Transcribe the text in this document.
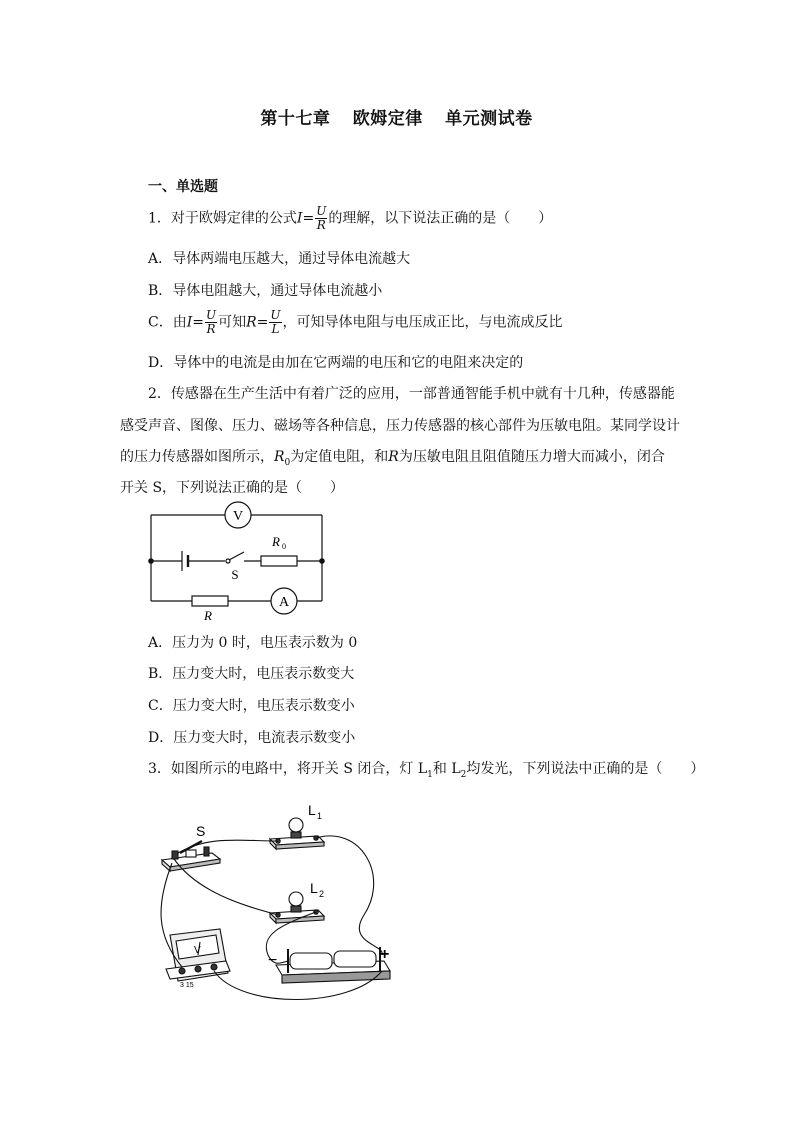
第十七章 欧姆定律 单元测试卷
一、单选题
1．对于欧姆定律的公式$I= \frac{U}{R}$ 的理解，以下说法正确的是（　　）
A．导体两端电压越大，通过导体电流越大
B．导体电阻越大，通过导体电流越小
C．由$I= \frac{U}{R}$ 可知$R= \frac{U}{L}$ ，可知导体电阻与电压成正比，与电流成反比
D．导体中的电流是由加在它两端的电压和它的电阻来决定的
2．传感器在生产生活中有着广泛的应用，一部普通智能手机中就有十几种，传感器能
感受声音、图像、压力、磁场等各种信息，压力传感器的核心部件为压敏电阻。某同学设计
的压力传感器如图所示，$R_0$为定值电阻，和R为压敏电阻且阻值随压力增大而减小，闭合
开关 S，下列说法正确的是（　　）
V
A
S
R 0
R
A．压力为 0 时，电压表示数为 0
B．压力变大时，电压表示数变大
C．压力变大时，电压表示数变小
D．压力变大时，电流表示数变小
3．如图所示的电路中，将开关 S 闭合，灯 $L_1$和 $L_2$均发光，下列说法中正确的是（　　）
S
L 1
L 2
V
3 15
−	+
